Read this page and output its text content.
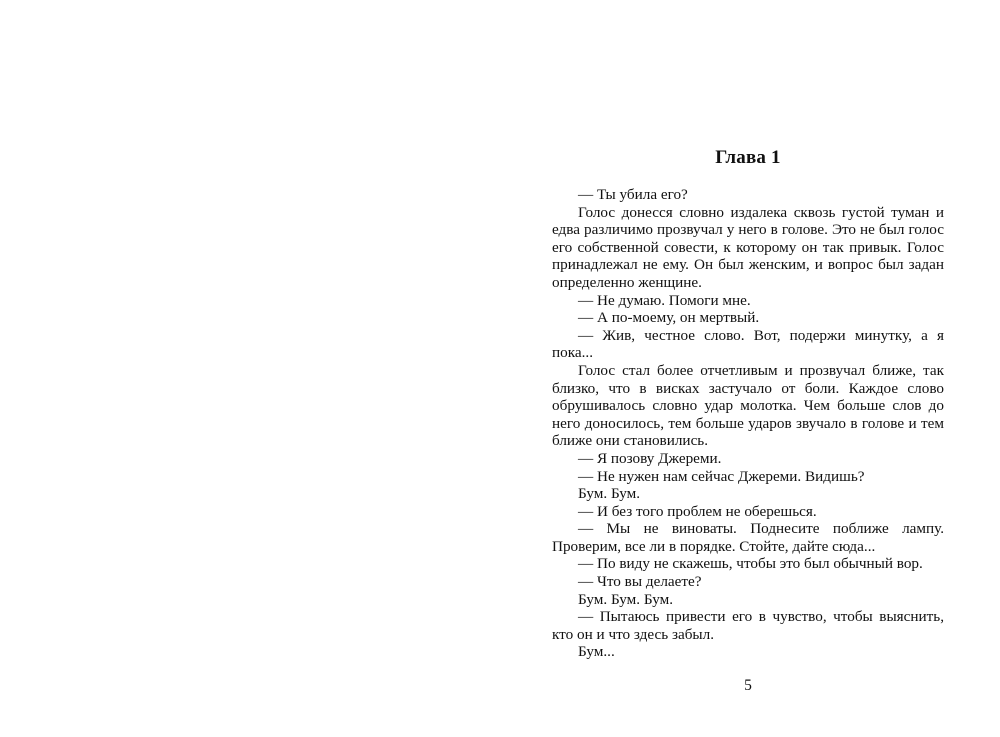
Глава 1

— Ты убила его?

Голос донесся словно издалека сквозь густой туман и едва различимо прозвучал у него в голове. Это не был голос его собственной совести, к которому он так привык. Голос принадлежал не ему. Он был женским, и вопрос был задан определенно женщине.

— Не думаю. Помоги мне.

— А по-моему, он мертвый.

— Жив, честное слово. Вот, подержи минутку, а я пока...

Голос стал более отчетливым и прозвучал ближе, так близко, что в висках застучало от боли. Каждое слово обрушивалось словно удар молотка. Чем больше слов до него доносилось, тем больше ударов звучало в голове и тем ближе они становились.

— Я позову Джереми.

— Не нужен нам сейчас Джереми. Видишь?

Бум. Бум.

— И без того проблем не оберешься.

— Мы не виноваты. Поднесите поближе лампу. Проверим, все ли в порядке. Стойте, дайте сюда...

— По виду не скажешь, чтобы это был обычный вор.

— Что вы делаете?

Бум. Бум. Бум.

— Пытаюсь привести его в чувство, чтобы выяснить, кто он и что здесь забыл.

Бум...

5
